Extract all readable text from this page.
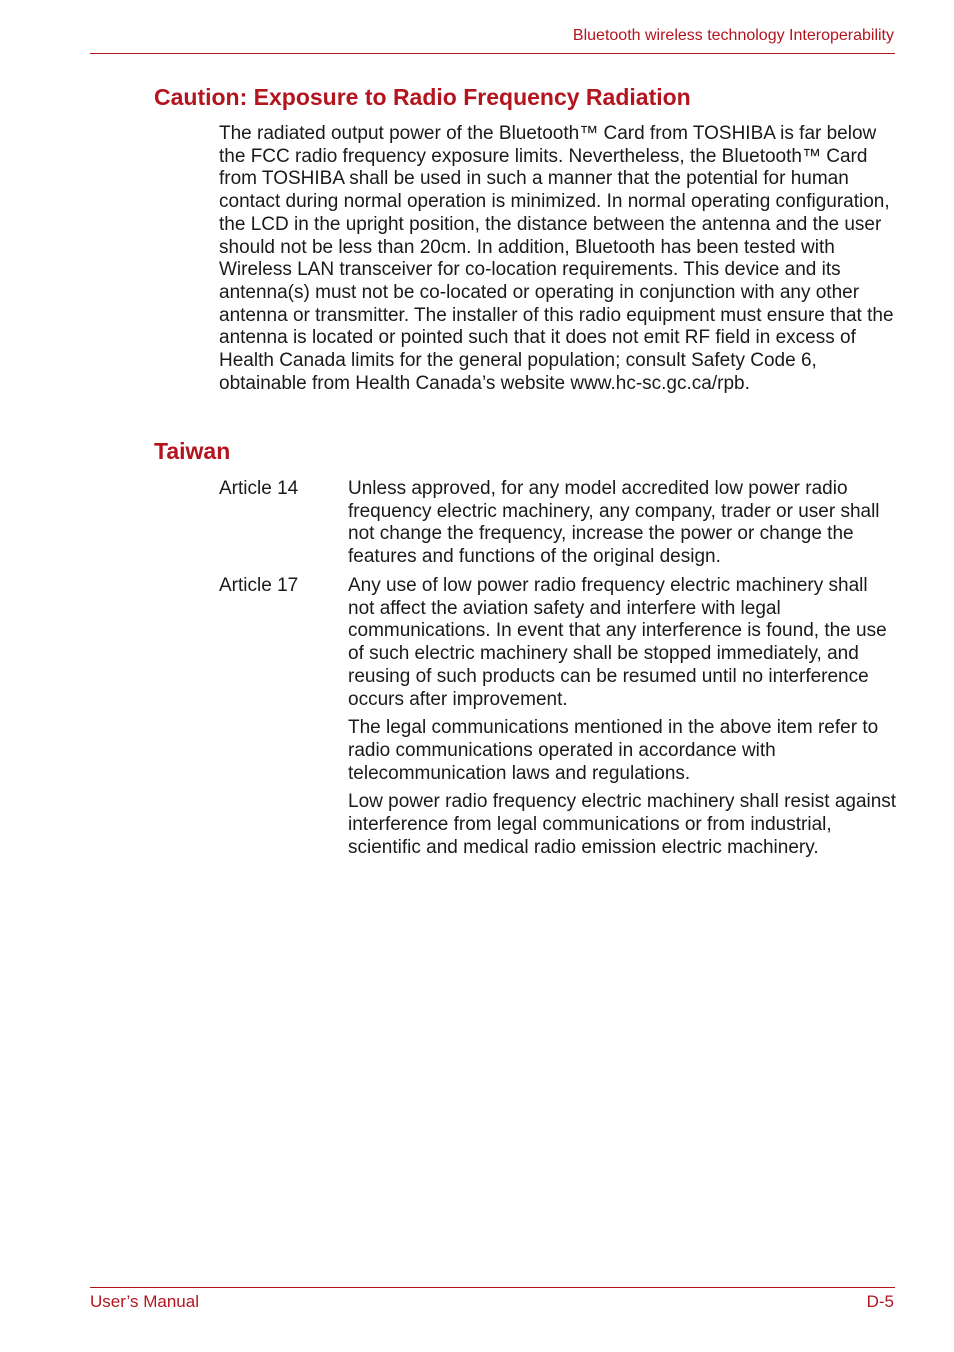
Bluetooth wireless technology Interoperability
Caution: Exposure to Radio Frequency Radiation

The radiated output power of the Bluetooth™ Card from TOSHIBA is far below the FCC radio frequency exposure limits. Nevertheless, the Bluetooth™ Card from TOSHIBA shall be used in such a manner that the potential for human contact during normal operation is minimized. In normal operating configuration, the LCD in the upright position, the distance between the antenna and the user should not be less than 20cm. In addition, Bluetooth has been tested with Wireless LAN transceiver for co-location requirements. This device and its antenna(s) must not be co-located or operating in conjunction with any other antenna or transmitter. The installer of this radio equipment must ensure that the antenna is located or pointed such that it does not emit RF field in excess of Health Canada limits for the general population; consult Safety Code 6, obtainable from Health Canada’s website www.hc-sc.gc.ca/rpb.

Taiwan
Article 14	Unless approved, for any model accredited low power radio frequency electric machinery, any company, trader or user shall not change the frequency, increase the power or change the features and functions of the original design.

Article 17	Any use of low power radio frequency electric machinery shall not affect the aviation safety and interfere with legal communications. In event that any interference is found, the use of such electric machinery shall be stopped immediately, and reusing of such products can be resumed until no interference occurs after improvement.

The legal communications mentioned in the above item refer to radio communications operated in accordance with telecommunication laws and regulations.

Low power radio frequency electric machinery shall resist against interference from legal communications or from industrial, scientific and medical radio emission electric machinery.

User’s Manual	D-5
